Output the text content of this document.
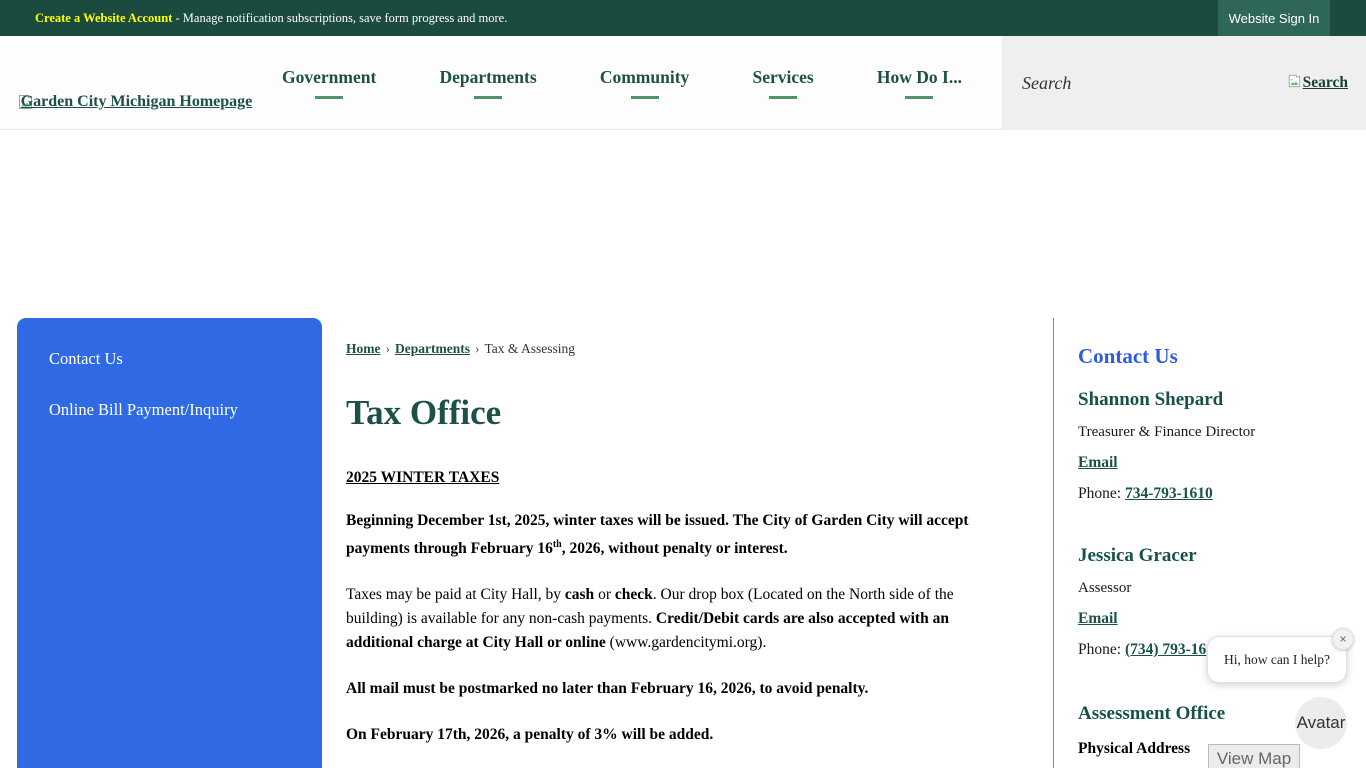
Create a Website Account - Manage notification subscriptions, save form progress and more.	Website Sign In
Garden City Michigan Homepage
Government	Departments	Community	Services	How Do I...
Search	Search
Contact Us
Online Bill Payment/Inquiry
Home › Departments › Tax & Assessing
Tax Office
2025 WINTER TAXES

Beginning December 1st, 2025, winter taxes will be issued. The City of Garden City will accept payments through February 16th, 2026, without penalty or interest.

Taxes may be paid at City Hall, by cash or check. Our drop box (Located on the North side of the building) is available for any non-cash payments. Credit/Debit cards are also accepted with an additional charge at City Hall or online (www.gardencitymi.org).

All mail must be postmarked no later than February 16, 2026, to avoid penalty.

On February 17th, 2026, a penalty of 3% will be added.

Contact Us
Shannon Shepard
Treasurer & Finance Director
Email
Phone: 734-793-1610
Jessica Gracer
Assessor
Email
Phone: (734) 793-16
Assessment Office
Physical Address
Hi, how can I help?
×
Avatar
View Map
